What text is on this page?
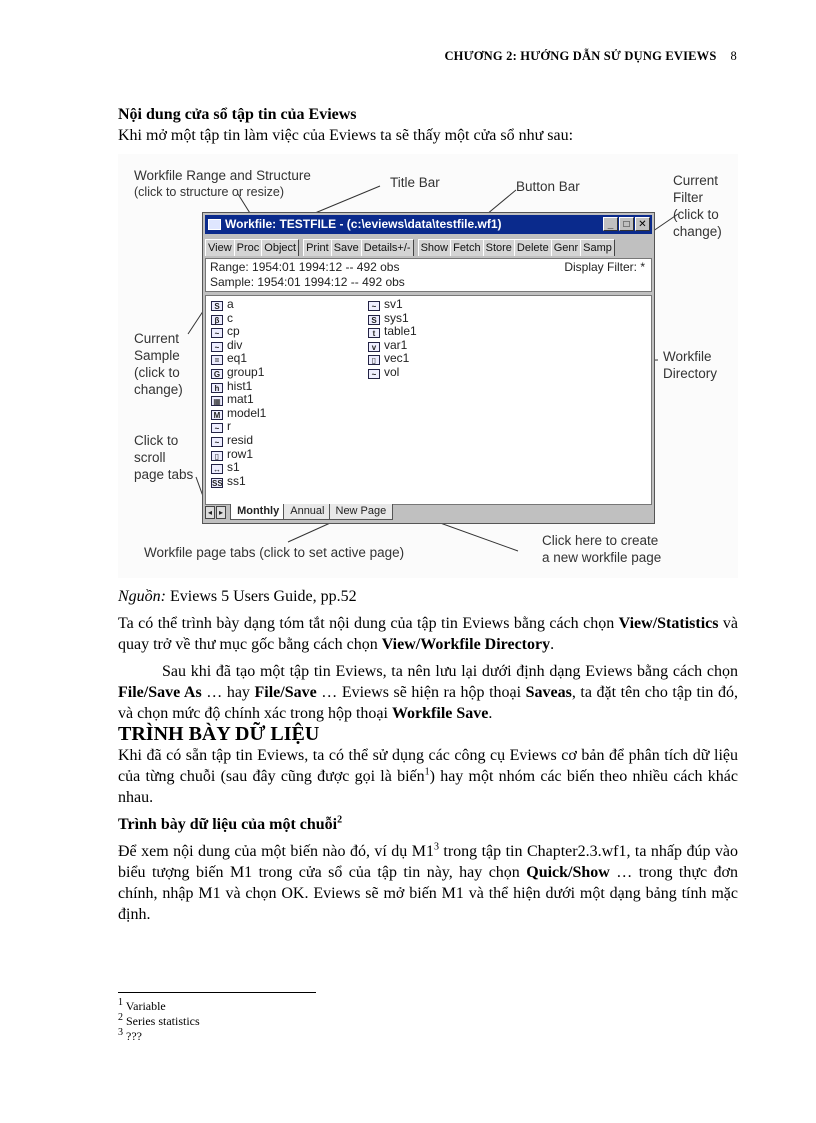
CHƯƠNG 2: HƯỚNG DẪN SỬ DỤNG EVIEWS 8

Nội dung cửa sổ tập tin của Eviews

Khi mở một tập tin làm việc của Eviews ta sẽ thấy một cửa sổ như sau:

Workfile Range and Structure
(click to structure or resize)
Title Bar	Button Bar	Current
Filter
(click to
change)
Current
Sample
(click to
change)
Workfile
Directory
Click to
scroll
page tabs
Workfile page tabs (click to set active page)
Click here to create
a new workfile page
Workfile: TESTFILE - (c:\eviews\data\testfile.wf1)	_ □ ✕
View Proc Object Print Save Details+/- Show Fetch Store Delete Genr Samp
Range: 1954:01 1994:12 -- 492 obs
Sample: 1954:01 1994:12 -- 492 obs
Display Filter: *
S a
β c
~ cp
~ div
= eq1
G group1
h hist1
▦ mat1
M model1
~ r
~ resid
▯ row1
↔ s1
SS ss1
~ sv1
S sys1
t table1
v var1
▯ vec1
~ vol
◂ ▸ Monthly Annual New Page

Nguồn: Eviews 5 Users Guide, pp.52

Ta có thể trình bày dạng tóm tắt nội dung của tập tin Eviews bằng cách chọn View/Statistics và quay trở về thư mục gốc bằng cách chọn View/Workfile Directory.

Sau khi đã tạo một tập tin Eviews, ta nên lưu lại dưới định dạng Eviews bằng cách chọn File/Save As … hay File/Save … Eviews sẽ hiện ra hộp thoại Saveas, ta đặt tên cho tập tin đó, và chọn mức độ chính xác trong hộp thoại Workfile Save.

TRÌNH BÀY DỮ LIỆU

Khi đã có sẵn tập tin Eviews, ta có thể sử dụng các công cụ Eviews cơ bản để phân tích dữ liệu của từng chuỗi (sau đây cũng được gọi là biến$^1$) hay một nhóm các biến theo nhiều cách khác nhau.

Trình bày dữ liệu của một chuỗi$^2$

Để xem nội dung của một biến nào đó, ví dụ $M1^3$ trong tập tin Chapter2.3.wf1, ta nhấp đúp vào biểu tượng biến M1 trong cửa sổ của tập tin này, hay chọn Quick/Show … trong thực đơn chính, nhập M1 và chọn OK. Eviews sẽ mở biến M1 và thể hiện dưới một dạng bảng tính mặc định.

$^1$ Variable
$^2$ Series statistics
$^3$ ???
